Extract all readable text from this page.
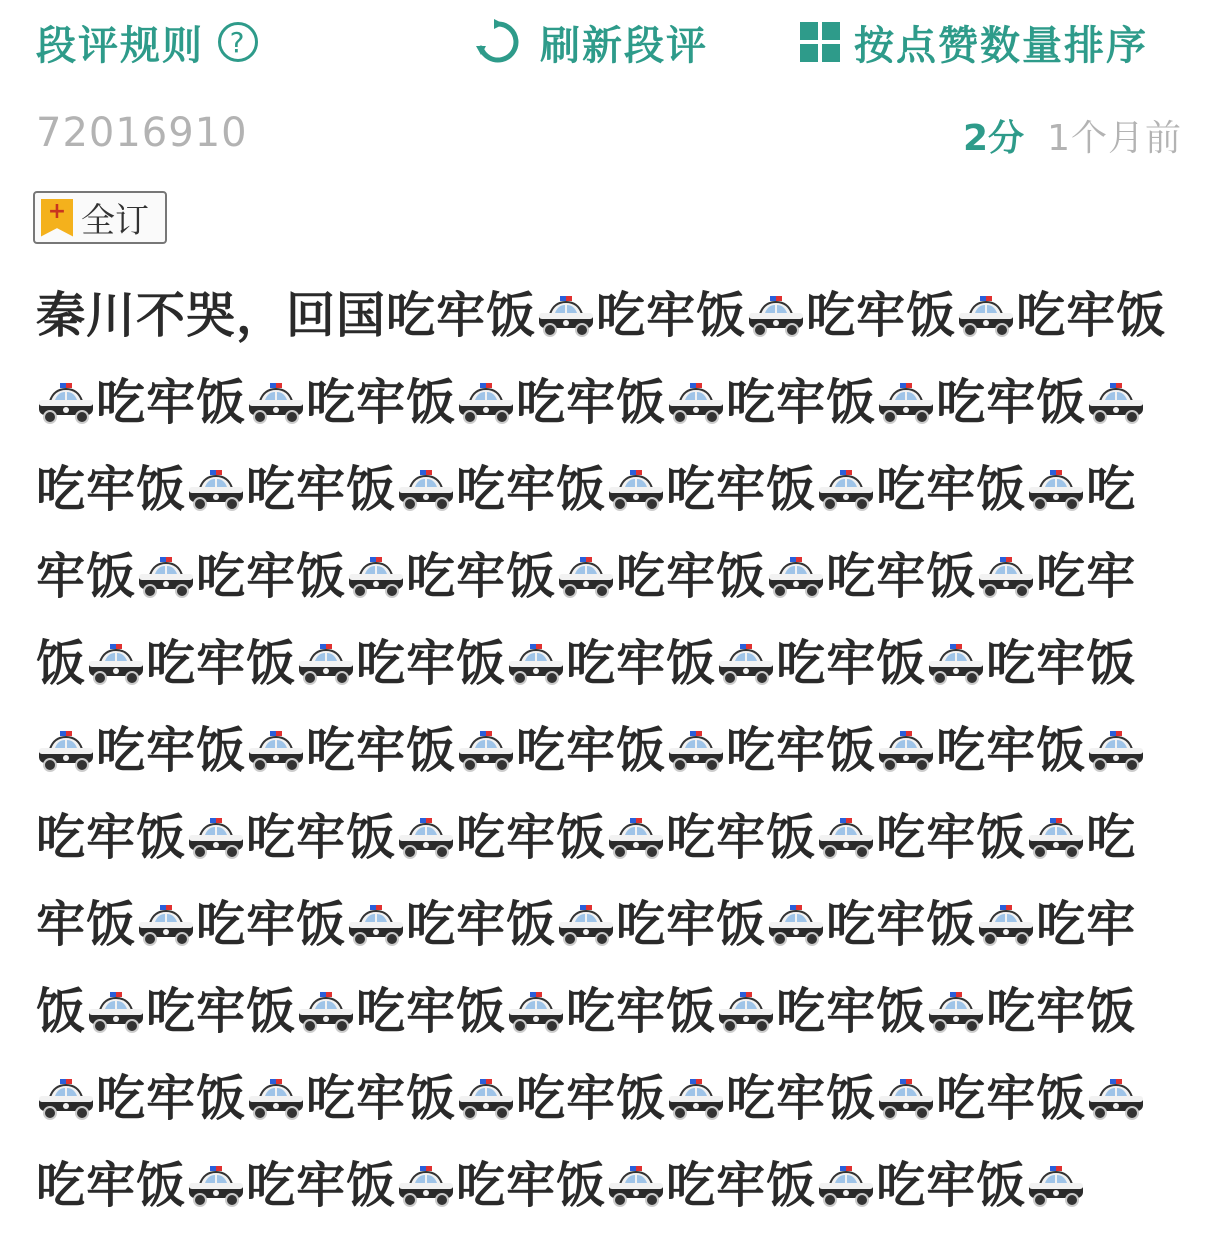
段评规则 ?	刷新段评	按点赞数量排序
72016910	2分 1个月前
+
全订
秦川不哭，回国吃牢饭 吃牢饭 吃牢饭 吃牢饭吃牢饭 吃牢饭 吃牢饭 吃牢饭 吃牢饭吃牢饭 吃牢饭 吃牢饭 吃牢饭 吃牢饭 吃牢饭 吃牢饭 吃牢饭 吃牢饭 吃牢饭 吃牢饭 吃牢饭 吃牢饭 吃牢饭 吃牢饭 吃牢饭吃牢饭 吃牢饭 吃牢饭 吃牢饭 吃牢饭吃牢饭 吃牢饭 吃牢饭 吃牢饭 吃牢饭 吃牢饭 吃牢饭 吃牢饭 吃牢饭 吃牢饭 吃牢饭 吃牢饭 吃牢饭 吃牢饭 吃牢饭 吃牢饭吃牢饭 吃牢饭 吃牢饭 吃牢饭 吃牢饭吃牢饭 吃牢饭 吃牢饭 吃牢饭 吃牢饭
